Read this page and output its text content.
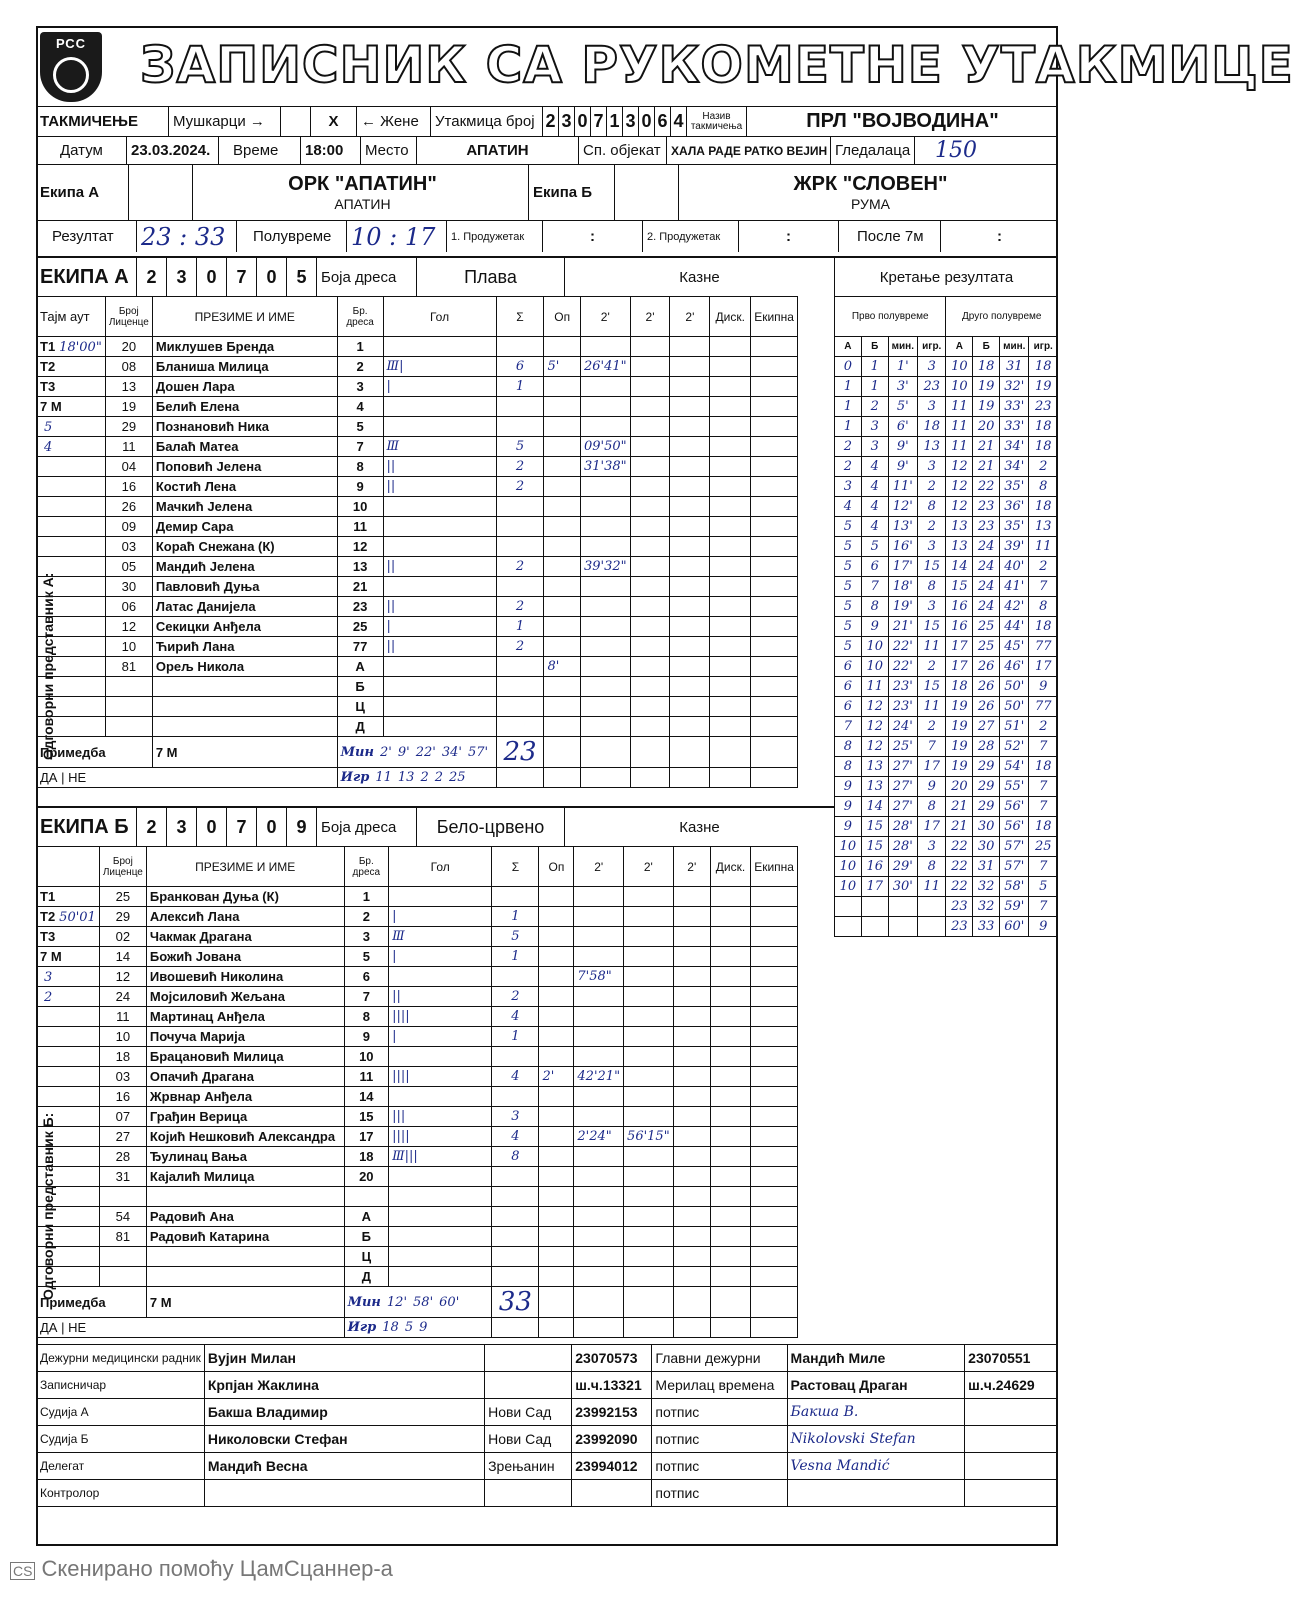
РСС	ЗАПИСНИК СА РУКОМЕТНЕ УТАКМИЦЕ
ТАКМИЧЕЊЕ	Мушкарци →	X	← Жене	Утакмица број 2 3 0 7 1 3 0 6 4	Назив такмичења	ПРЛ "ВОЈВОДИНА"
Датум	23.03.2024.	Време	18:00	Место	АПАТИН	Сп. објекат ХАЛА РАДЕ РАТКО ВЕЈИН Гледалаца	150
Екипа А	ОРК "АПАТИН"
АПАТИН
Екипа Б	ЖРК "СЛОВЕН"
РУМА
Резултат	23 : 33	Полувреме 10 : 17	1. Продужетак	:	2. Продужетак	:	После 7м	:
ЕКИПА А 2	3	0	7	0	5 Боја дреса	Плава	Казне	Кретање резултата
Тајм аут	Број Лиценце	ПРЕЗИМЕ И ИМЕ	Бр. дреса	Гол	Σ	Оп	2'	2'	2'	Диск.	Екипна
Т1 18'00"	20	Миклушев Бренда	1								
Т2	08	Бланиша Милица	2	Ⅲ|	6	5'	26'41"				
Т3	13	Дошен Лара	3	|	1						
7 М	19	Белић Елена	4								
5	29	Познановић Ника	5								
4	11	Балаћ Матеа	7	Ⅲ	5		09'50"				
	04	Поповић Јелена	8	||	2		31'38"				
	16	Костић Лена	9	||	2						
	26	Мачкић Јелена	10								
	09	Демир Сара	11								
	03	Кораћ Снежана (К)	12								
	05	Мандић Јелена	13	||	2		39'32"				
	30	Павловић Дуња	21								
	06	Латас Данијела	23	||	2						
	12	Секицки Анђела	25	|	1						
	10	Ћирић Лана	77	||	2						
	81	Орељ Никола	А			8'					
			Б								
			Ц								
			Д								
Примедба		7 М	Мин 2' 9' 22' 34' 57'		23						
ДА | НЕ			Игр 11 13 2 2 25								
Прво полувреме				Друго полувреме			
А	Б	мин.	игр.	А	Б	мин.	игр.
0	1	1'	3	10	18	31	18
1	1	3'	23	10	19	32'	19
1	2	5'	3	11	19	33'	23
1	3	6'	18	11	20	33'	18
2	3	9'	13	11	21	34'	18
2	4	9'	3	12	21	34'	2
3	4	11'	2	12	22	35'	8
4	4	12'	8	12	23	36'	18
5	4	13'	2	13	23	35'	13
5	5	16'	3	13	24	39'	11
5	6	17'	15	14	24	40'	2
5	7	18'	8	15	24	41'	7
5	8	19'	3	16	24	42'	8
5	9	21'	15	16	25	44'	18
5	10	22'	11	17	25	45'	77
6	10	22'	2	17	26	46'	17
6	11	23'	15	18	26	50'	9
6	12	23'	11	19	26	50'	77
7	12	24'	2	19	27	51'	2
8	12	25'	7	19	28	52'	7
8	13	27'	17	19	29	54'	18
9	13	27'	9	20	29	55'	7
9	14	27'	8	21	29	56'	7
9	15	28'	17	21	30	56'	18
10	15	28'	3	22	30	57'	25
10	16	29'	8	22	31	57'	7
10	17	30'	11	22	32	58'	5
				23	32	59'	7
				23	33	60'	9
ЕКИПА Б 2	3	0	7	0	9 Боја дреса	Бело-црвено	Казне
	Број Лиценце	ПРЕЗИМЕ И ИМЕ	Бр. дреса	Гол	Σ	Оп	2'	2'	2'	Диск.	Екипна
Т1	25	Бранкован Дуња (К)	1								
Т2 50'01	29	Алексић Лана	2	|	1						
Т3	02	Чакмак Драгана	3	Ⅲ	5						
7 М	14	Божић Јована	5	|	1						
3	12	Ивошевић Николина	6				7'58"				
2	24	Мојсиловић Жељана	7	||	2						
	11	Мартинац Анђела	8	||||	4						
	10	Почуча Марија	9	|	1						
	18	Брацановић Милица	10								
	03	Опачић Драгана	11	||||	4	2'	42'21"				
	16	Жрвнар Анђела	14								
	07	Грађин Верица	15	|||	3						
	27	Којић Нешковић Александра	17	||||	4		2'24"	56'15"			
	28	Ђулинац Вања	18	Ⅲ|||	8						
	31	Кајалић Милица	20								

	54	Радовић Ана	А								
	81	Радовић Катарина	Б								
			Ц								
			Д								
Примедба		7 М	Мин 12' 58' 60'		33						
ДА | НЕ			Игр 18 5 9								
Дежурни медицински радник	Вујин Милан		23070573	Главни дежурни	Мандић Миле	23070551
Записничар	Крпјан Жаклина		ш.ч.13321	Мерилац времена	Растовац Драган	ш.ч.24629
Судија А	Бакша Владимир	Нови Сад	23992153	потпис	Бакша В.	
Судија Б	Николовски Стефан	Нови Сад	23992090	потпис	Nikolovski Stefan	
Делегат	Мандић Весна	Зрењанин	23994012	потпис	Vesna Mandić	
Контролор				потпис		
CS Скенирано помоћу ЦамСцаннер-а
Одговорни представник А:
Одговорни представник Б:
